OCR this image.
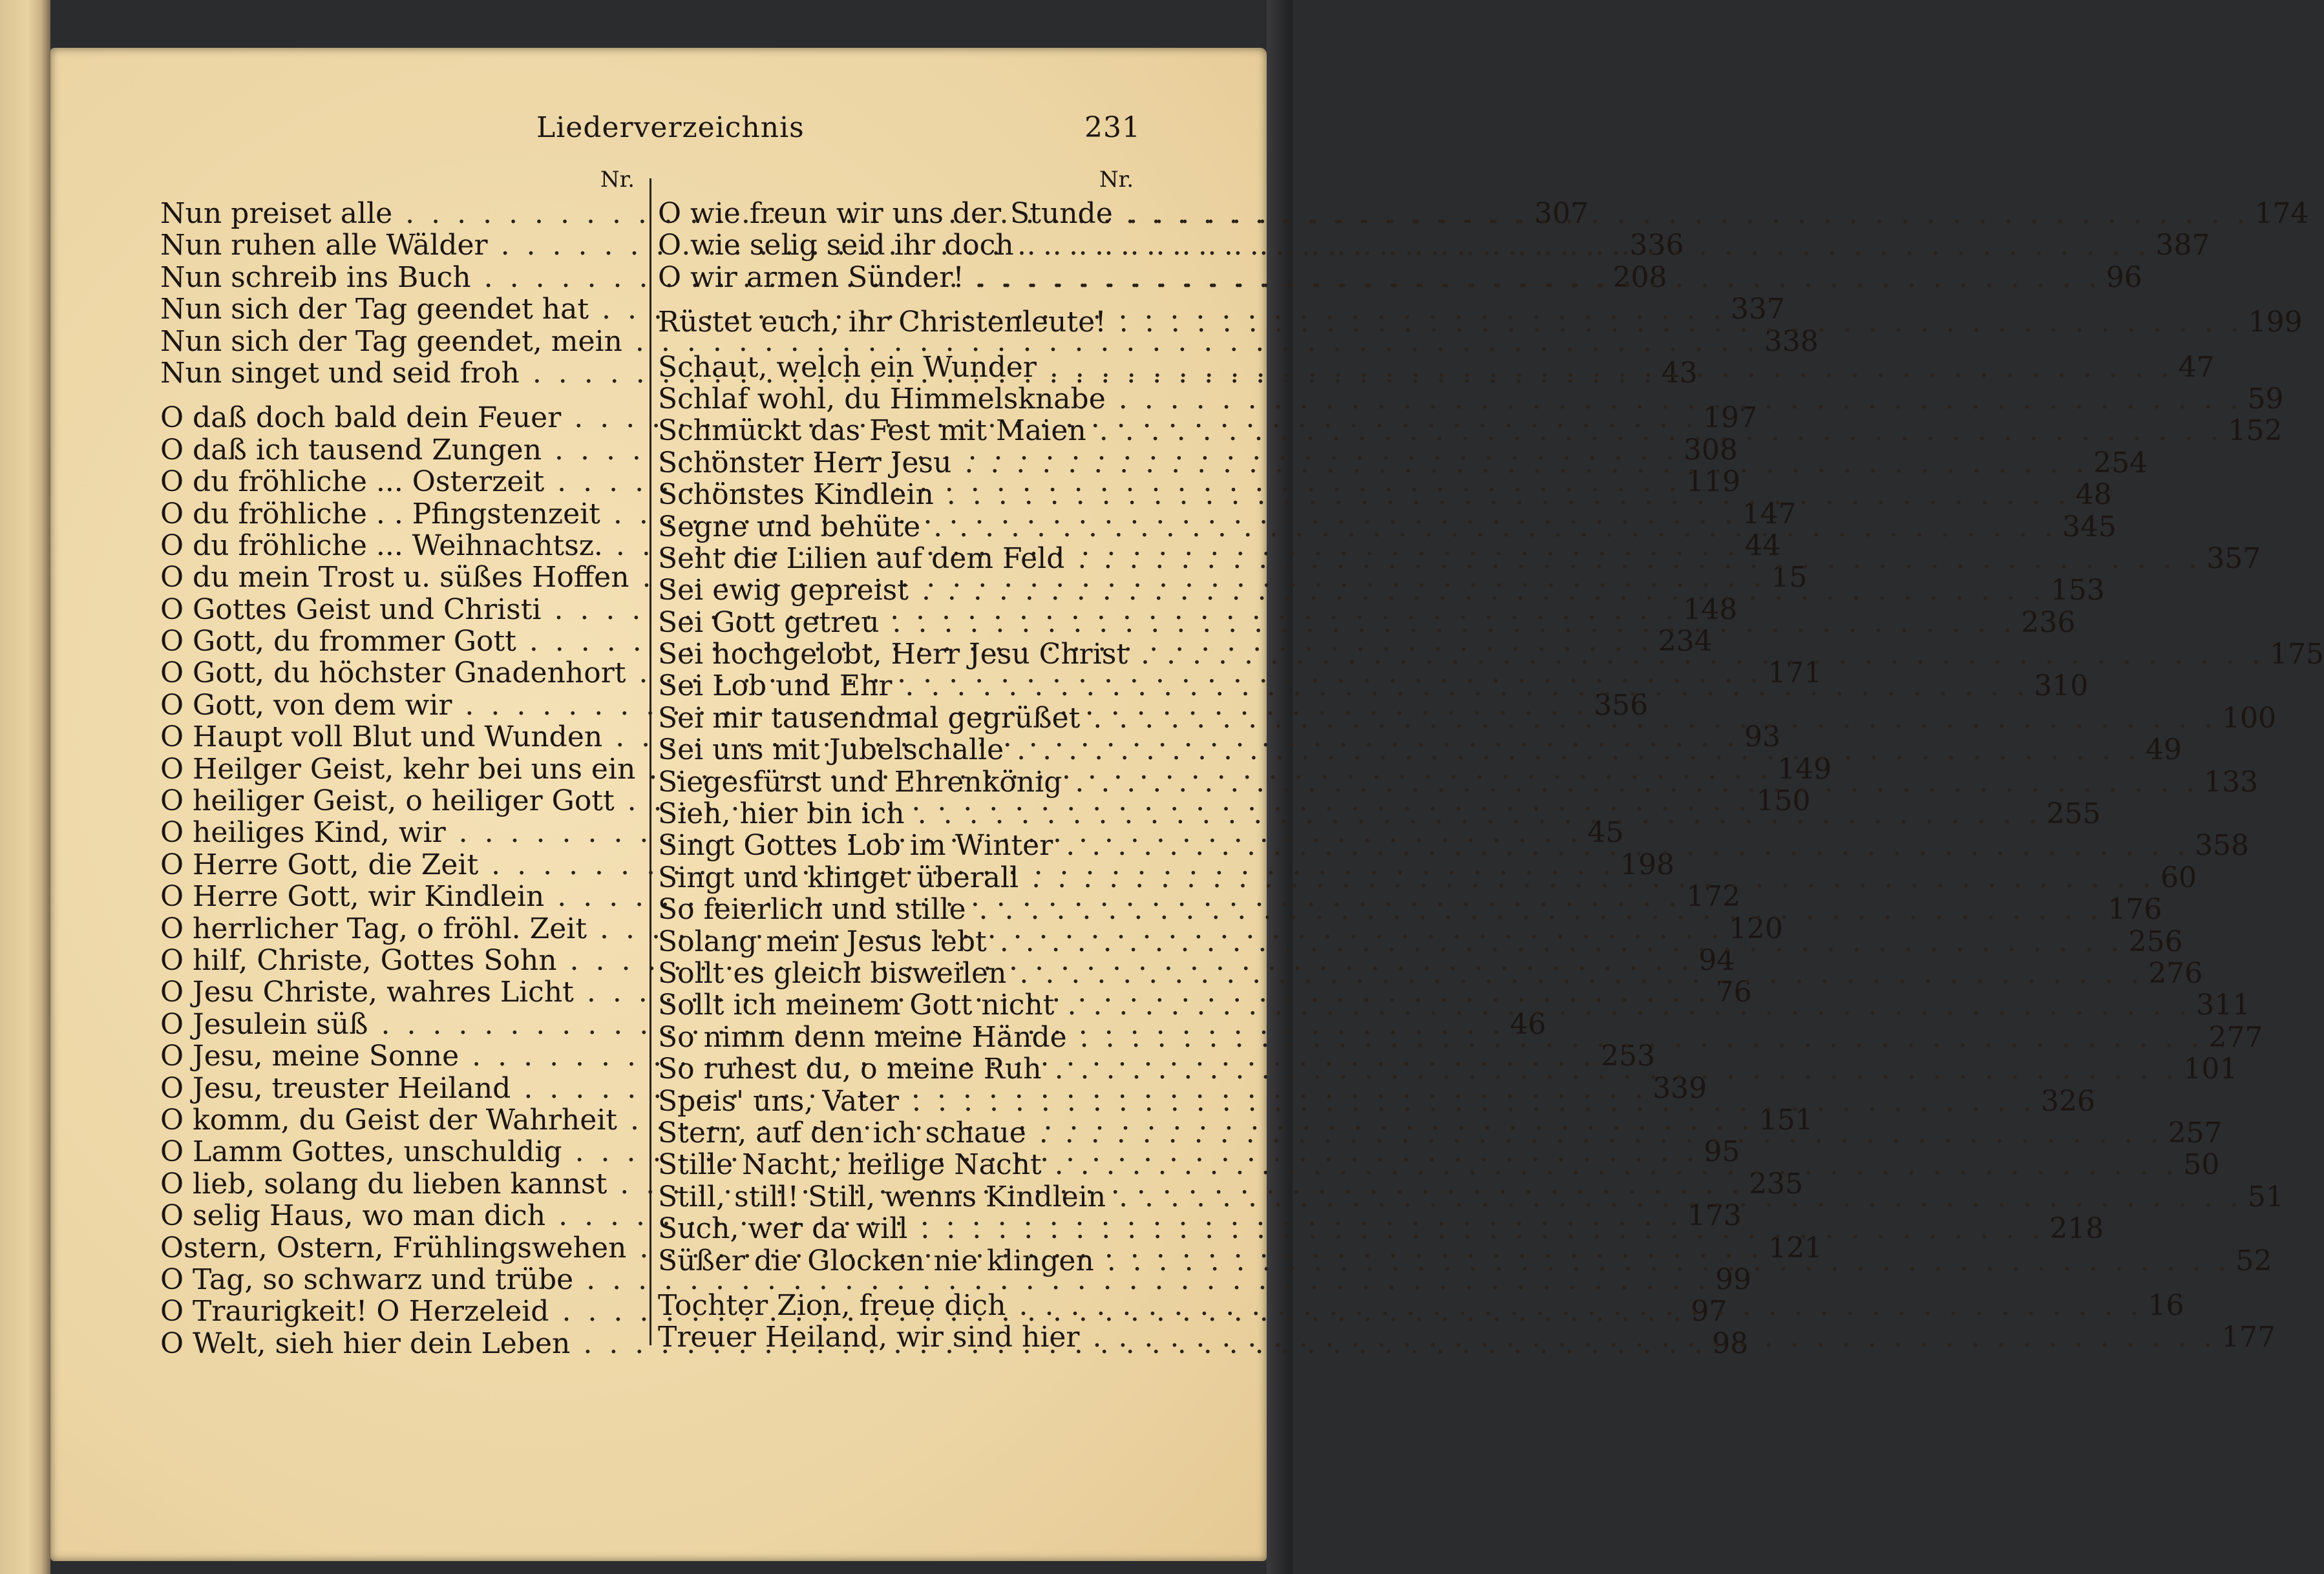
Liederverzeichnis	231
Nr.
Nun preiset alle . . .	307
Nun ruhen alle Wälder . . .	336
Nun schreib ins Buch . . .	208
Nun sich der Tag geendet hat . . .	337
Nun sich der Tag geendet, mein . . .	338
Nun singet und seid froh . . .	43
O daß doch bald dein Feuer . . .	197
O daß ich tausend Zungen . . .	308
O du fröhliche ... Osterzeit . . .	119
O du fröhliche . . Pfingstenzeit . . .	147
O du fröhliche ... Weihnachtsz. . . .	44
O du mein Trost u. süßes Hoffen . . .	15
O Gottes Geist und Christi . . .	148
O Gott, du frommer Gott . . .	234
O Gott, du höchster Gnadenhort . . .	171
O Gott, von dem wir . . .	356
O Haupt voll Blut und Wunden . . .	93
O Heilger Geist, kehr bei uns ein . . .	149
O heiliger Geist, o heiliger Gott . . .	150
O heiliges Kind, wir . . .	45
O Herre Gott, die Zeit . . .	198
O Herre Gott, wir Kindlein . . .	172
O herrlicher Tag, o fröhl. Zeit . . .	120
O hilf, Christe, Gottes Sohn . . .	94
O Jesu Christe, wahres Licht . . .	76
O Jesulein süß . . .	46
O Jesu, meine Sonne . . .	253
O Jesu, treuster Heiland . . .	339
O komm, du Geist der Wahrheit . . .	151
O Lamm Gottes, unschuldig . . .	95
O lieb, solang du lieben kannst . . .	235
O selig Haus, wo man dich . . .	173
Ostern, Ostern, Frühlingswehen . . .	121
O Tag, so schwarz und trübe . . .	99
O Traurigkeit! O Herzeleid . . .	97
O Welt, sieh hier dein Leben . . .	98
Nr.
O wie freun wir uns der Stunde . . .	174
O wie selig seid ihr doch . . .	387
O wir armen Sünder! . . .	96
Rüstet euch, ihr Christenleute! . . .	199
Schaut, welch ein Wunder . . .	47
Schlaf wohl, du Himmelsknabe . . .	59
Schmückt das Fest mit Maien . . .	152
Schönster Herr Jesu . . .	254
Schönstes Kindlein . . .	48
Segne und behüte . . .	345
Seht die Lilien auf dem Feld . . .	357
Sei ewig gepreist . . .	153
Sei Gott getreu . . .	236
Sei hochgelobt, Herr Jesu Christ . . .	175
Sei Lob und Ehr . . .	310
Sei mir tausendmal gegrüßet . . .	100
Sei uns mit Jubelschalle . . .	49
Siegesfürst und Ehrenkönig . . .	133
Sieh, hier bin ich . . .	255
Singt Gottes Lob im Winter . . .	358
Singt und klinget überall . . .	60
So feierlich und stille . . .	176
Solang mein Jesus lebt . . .	256
Sollt es gleich bisweilen . . .	276
Sollt ich meinem Gott nicht . . .	311
So nimm denn meine Hände . . .	277
So ruhest du, o meine Ruh . . .	101
Speis' uns, Vater . . .	326
Stern, auf den ich schaue . . .	257
Stille Nacht, heilige Nacht . . .	50
Still, still! Still, wenns Kindlein . . .	51
Such, wer da will . . .	218
Süßer die Glocken nie klingen . . .	52
Tochter Zion, freue dich . . .	16
Treuer Heiland, wir sind hier . . .	177
